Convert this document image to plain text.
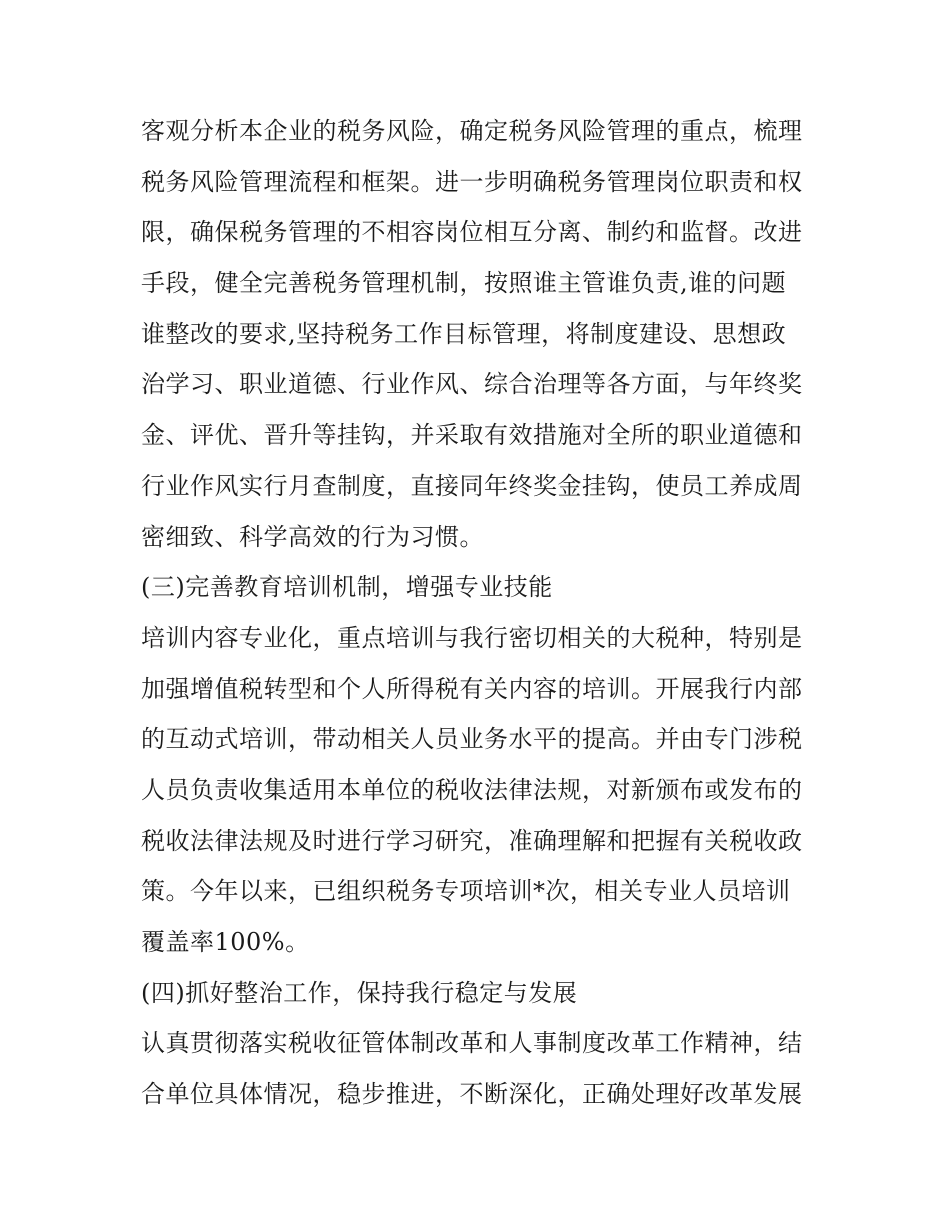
客观分析本企业的税务风险，确定税务风险管理的重点，梳理
税务风险管理流程和框架。进一步明确税务管理岗位职责和权
限，确保税务管理的不相容岗位相互分离、制约和监督。改进
手段，健全完善税务管理机制，按照谁主管谁负责,谁的问题
谁整改的要求,坚持税务工作目标管理，将制度建设、思想政
治学习、职业道德、行业作风、综合治理等各方面，与年终奖
金、评优、晋升等挂钩，并采取有效措施对全所的职业道德和
行业作风实行月查制度，直接同年终奖金挂钩，使员工养成周
密细致、科学高效的行为习惯。
(三)完善教育培训机制，增强专业技能
培训内容专业化，重点培训与我行密切相关的大税种，特别是
加强增值税转型和个人所得税有关内容的培训。开展我行内部
的互动式培训，带动相关人员业务水平的提高。并由专门涉税
人员负责收集适用本单位的税收法律法规，对新颁布或发布的
税收法律法规及时进行学习研究，准确理解和把握有关税收政
策。今年以来，已组织税务专项培训*次，相关专业人员培训
覆盖率100%。
(四)抓好整治工作，保持我行稳定与发展
认真贯彻落实税收征管体制改革和人事制度改革工作精神，结
合单位具体情况，稳步推进，不断深化，正确处理好改革发展
